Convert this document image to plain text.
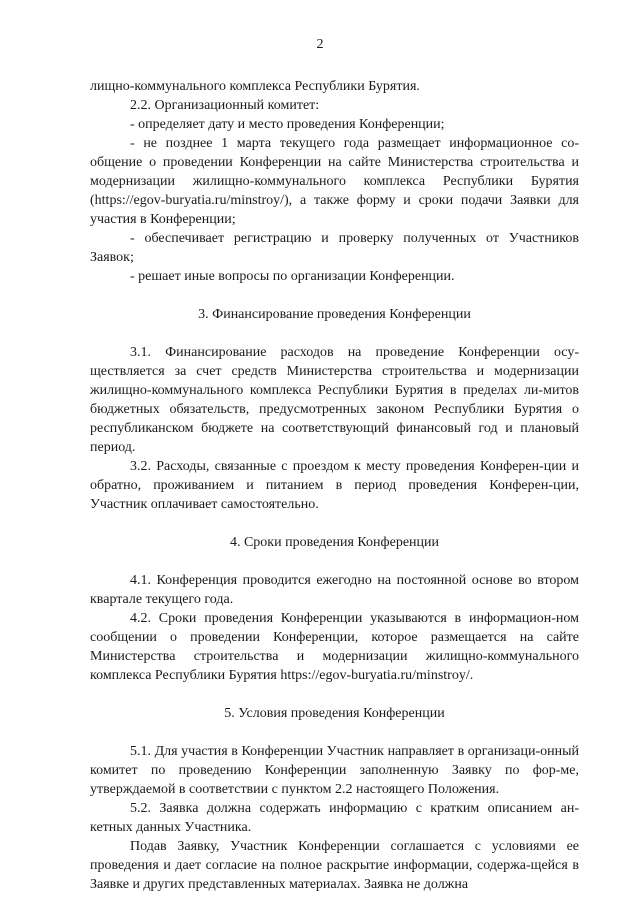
2

лищно-коммунального комплекса Республики Бурятия.

2.2. Организационный комитет:

- определяет дату и место проведения Конференции;

- не позднее 1 марта текущего года размещает информационное со-общение о проведении Конференции на сайте Министерства строительства и модернизации жилищно-коммунального комплекса Республики Бурятия (https://egov-buryatia.ru/minstroy/), а также форму и сроки подачи Заявки для участия в Конференции;

- обеспечивает регистрацию и проверку полученных от Участников Заявок;

- решает иные вопросы по организации Конференции.

3. Финансирование проведения Конференции

3.1. Финансирование расходов на проведение Конференции осу-ществляется за счет средств Министерства строительства и модернизации жилищно-коммунального комплекса Республики Бурятия в пределах ли-митов бюджетных обязательств, предусмотренных законом Республики Бурятия о республиканском бюджете на соответствующий финансовый год и плановый период.

3.2. Расходы, связанные с проездом к месту проведения Конферен-ции и обратно, проживанием и питанием в период проведения Конферен-ции, Участник оплачивает самостоятельно.

4. Сроки проведения Конференции

4.1. Конференция проводится ежегодно на постоянной основе во втором квартале текущего года.

4.2. Сроки проведения Конференции указываются в информацион-ном сообщении о проведении Конференции, которое размещается на сайте Министерства строительства и модернизации жилищно-коммунального комплекса Республики Бурятия https://egov-buryatia.ru/minstroy/.

5. Условия проведения Конференции

5.1. Для участия в Конференции Участник направляет в организаци-онный комитет по проведению Конференции заполненную Заявку по фор-ме, утверждаемой в соответствии с пунктом 2.2 настоящего Положения.

5.2. Заявка должна содержать информацию с кратким описанием ан-кетных данных Участника.

Подав Заявку, Участник Конференции соглашается с условиями ее проведения и дает согласие на полное раскрытие информации, содержа-щейся в Заявке и других представленных материалах. Заявка не должна
